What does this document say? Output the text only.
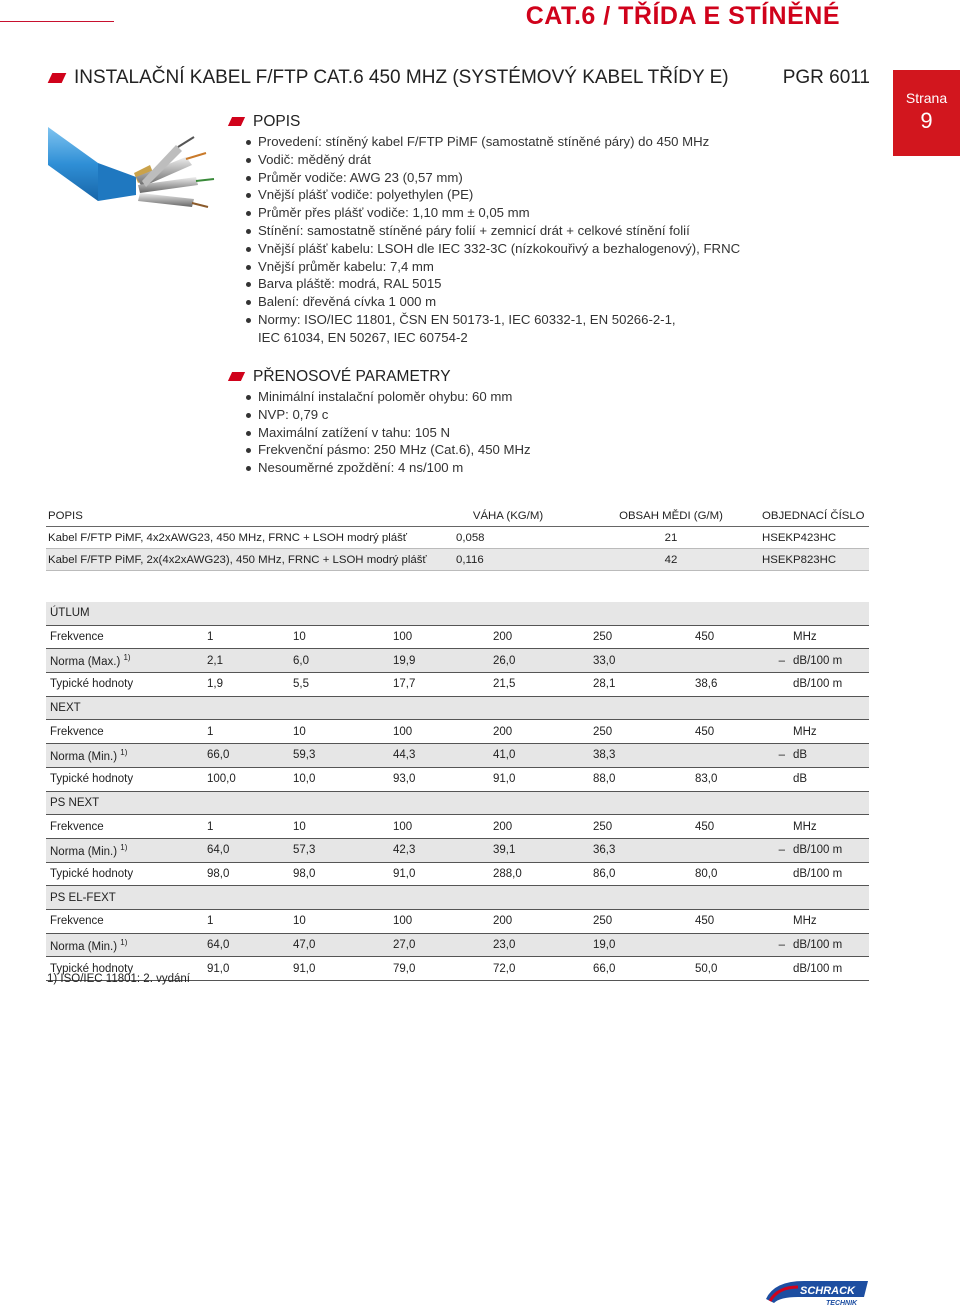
CAT.6 / TŘÍDA E STÍNĚNÉ
Strana
9
INSTALAČNÍ KABEL F/FTP CAT.6 450 MHZ (SYSTÉMOVÝ KABEL TŘÍDY E)	PGR 6011
POPIS
Provedení: stíněný kabel F/FTP PiMF (samostatně stíněné páry) do 450 MHz
Vodič: měděný drát
Průměr vodiče: AWG 23 (0,57 mm)
Vnější plášť vodiče: polyethylen (PE)
Průměr přes plášť vodiče: 1,10 mm ± 0,05 mm
Stínění: samostatně stíněné páry folií + zemnicí drát + celkové stínění folií
Vnější plášť kabelu: LSOH dle IEC 332-3C (nízkokouřivý a bezhalogenový), FRNC
Vnější průměr kabelu: 7,4 mm
Barva pláště: modrá, RAL 5015
Balení: dřevěná cívka 1 000 m
Normy: ISO/IEC 11801, ČSN EN 50173-1, IEC 60332-1, EN 50266-2-1,
IEC 61034, EN 50267, IEC 60754-2
PŘENOSOVÉ PARAMETRY
Minimální instalační poloměr ohybu: 60 mm
NVP: 0,79 c
Maximální zatížení v tahu: 105 N
Frekvenční pásmo: 250 MHz (Cat.6), 450 MHz
Nesouměrné zpoždění: 4 ns/100 m
POPIS	VÁHA (KG/M)	OBSAH MĚDI (G/M)	OBJEDNACÍ ČÍSLO
Kabel F/FTP PiMF, 4x2xAWG23, 450 MHz, FRNC + LSOH modrý plášť	0,058	21	HSEKP423HC
Kabel F/FTP PiMF, 2x(4x2xAWG23), 450 MHz, FRNC + LSOH modrý plášť	0,116	42	HSEKP823HC
ÚTLUM							
Frekvence	1	10	100	200	250	450	MHz
Norma (Max.) $^{1)}$	2,1	6,0	19,9	26,0	33,0	–	dB/100 m
Typické hodnoty	1,9	5,5	17,7	21,5	28,1	38,6	dB/100 m
NEXT							
Frekvence	1	10	100	200	250	450	MHz
Norma (Min.) $^{1)}$	66,0	59,3	44,3	41,0	38,3	–	dB
Typické hodnoty	100,0	10,0	93,0	91,0	88,0	83,0	dB
PS NEXT							
Frekvence	1	10	100	200	250	450	MHz
Norma (Min.) $^{1)}$	64,0	57,3	42,3	39,1	36,3	–	dB/100 m
Typické hodnoty	98,0	98,0	91,0	288,0	86,0	80,0	dB/100 m
PS EL-FEXT							
Frekvence	1	10	100	200	250	450	MHz
Norma (Min.) $^{1)}$	64,0	47,0	27,0	23,0	19,0	–	dB/100 m
Typické hodnoty	91,0	91,0	79,0	72,0	66,0	50,0	dB/100 m
1) ISO/IEC 11801: 2. vydání
SCHRACK
TECHNIK
